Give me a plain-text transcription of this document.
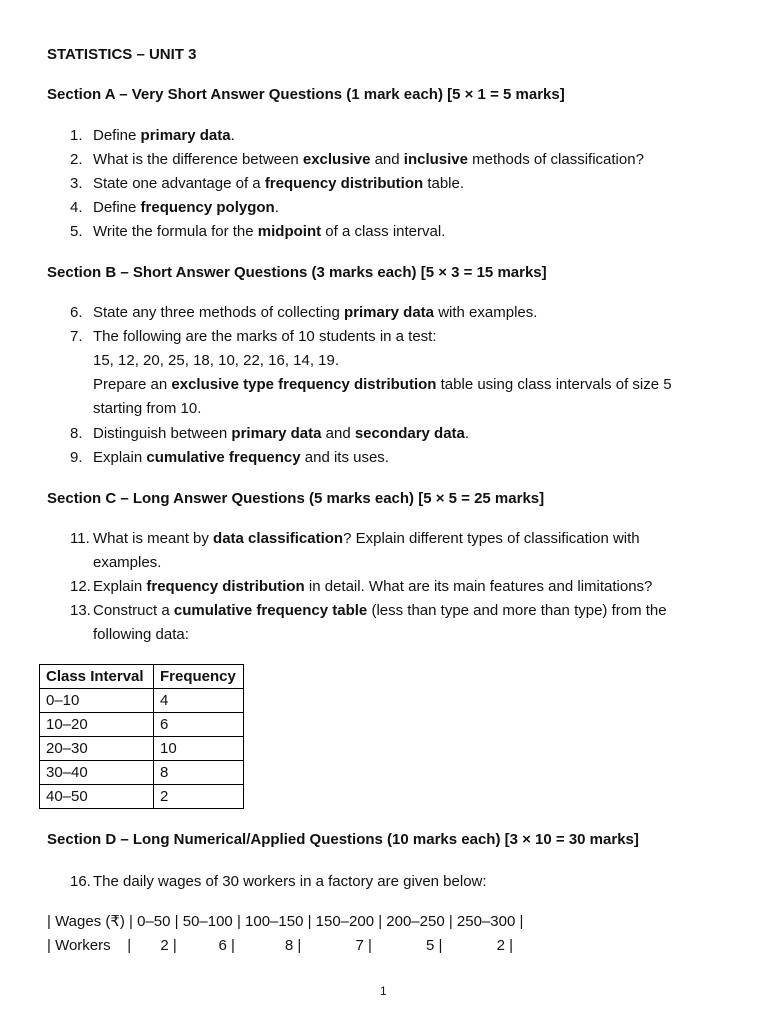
STATISTICS – UNIT 3
Section A – Very Short Answer Questions (1 mark each) [5 × 1 = 5 marks]
1. Define primary data.
2. What is the difference between exclusive and inclusive methods of classification?
3. State one advantage of a frequency distribution table.
4. Define frequency polygon.
5. Write the formula for the midpoint of a class interval.
Section B – Short Answer Questions (3 marks each) [5 × 3 = 15 marks]
6. State any three methods of collecting primary data with examples.
7. The following are the marks of 10 students in a test:
15, 12, 20, 25, 18, 10, 22, 16, 14, 19.
Prepare an exclusive type frequency distribution table using class intervals of size 5
starting from 10.
8. Distinguish between primary data and secondary data.
9. Explain cumulative frequency and its uses.
Section C – Long Answer Questions (5 marks each) [5 × 5 = 25 marks]
11. What is meant by data classification? Explain different types of classification with
examples.
12. Explain frequency distribution in detail. What are its main features and limitations?
13. Construct a cumulative frequency table (less than type and more than type) from the
following data:
Class Interval	Frequency
0–10	4
10–20	6
20–30	10
30–40	8
40–50	2
Section D – Long Numerical/Applied Questions (10 marks each) [3 × 10 = 30 marks]
16. The daily wages of 30 workers in a factory are given below:
| Wages (₹) | 0–50 | 50–100 | 100–150 | 150–200 | 200–250 | 250–300 |
| Workers    |       2 |          6 |            8 |             7 |             5 |             2 |
1
